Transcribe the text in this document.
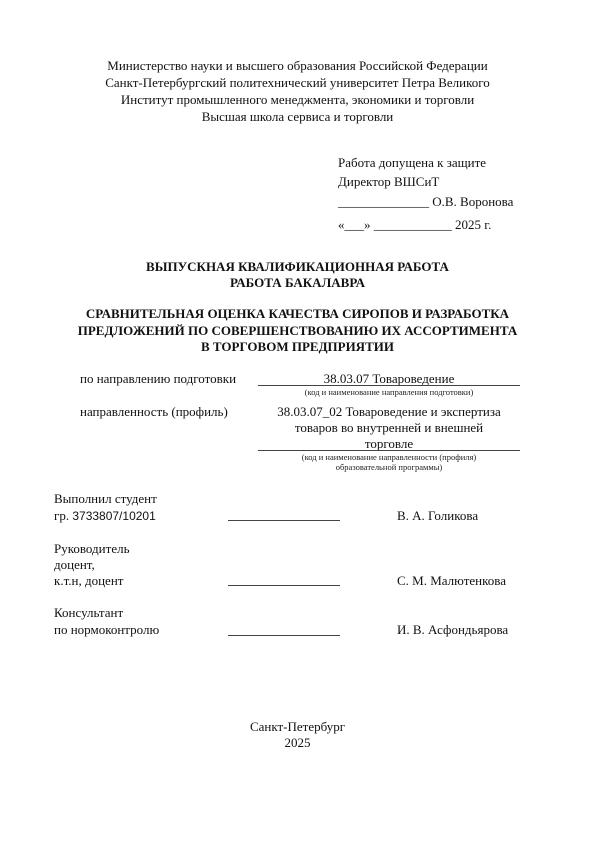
Министерство науки и высшего образования Российской Федерации
Санкт-Петербургский политехнический университет Петра Великого
Институт промышленного менеджмента, экономики и торговли
Высшая школа сервиса и торговли
Работа допущена к защите
Директор ВШСиТ
______________ О.В. Воронова
«___» ____________ 2025 г.
ВЫПУСКНАЯ КВАЛИФИКАЦИОННАЯ РАБОТА
РАБОТА БАКАЛАВРА
СРАВНИТЕЛЬНАЯ ОЦЕНКА КАЧЕСТВА СИРОПОВ И РАЗРАБОТКА
ПРЕДЛОЖЕНИЙ ПО СОВЕРШЕНСТВОВАНИЮ ИХ АССОРТИМЕНТА
В ТОРГОВОМ ПРЕДПРИЯТИИ
по направлению подготовки	38.03.07 Товароведение
(код и наименование направления подготовки)
направленность (профиль)	38.03.07_02 Товароведение и экспертиза
товаров во внутренней и внешней
торговле
(код и наименование направленности (профиля)
образовательной программы)
Выполнил студент
гр. 3733807/10201	В. А. Голикова
Руководитель
доцент,
к.т.н, доцент	С. М. Малютенкова
Консультант
по нормоконтролю	И. В. Асфондьярова
Санкт-Петербург
2025
